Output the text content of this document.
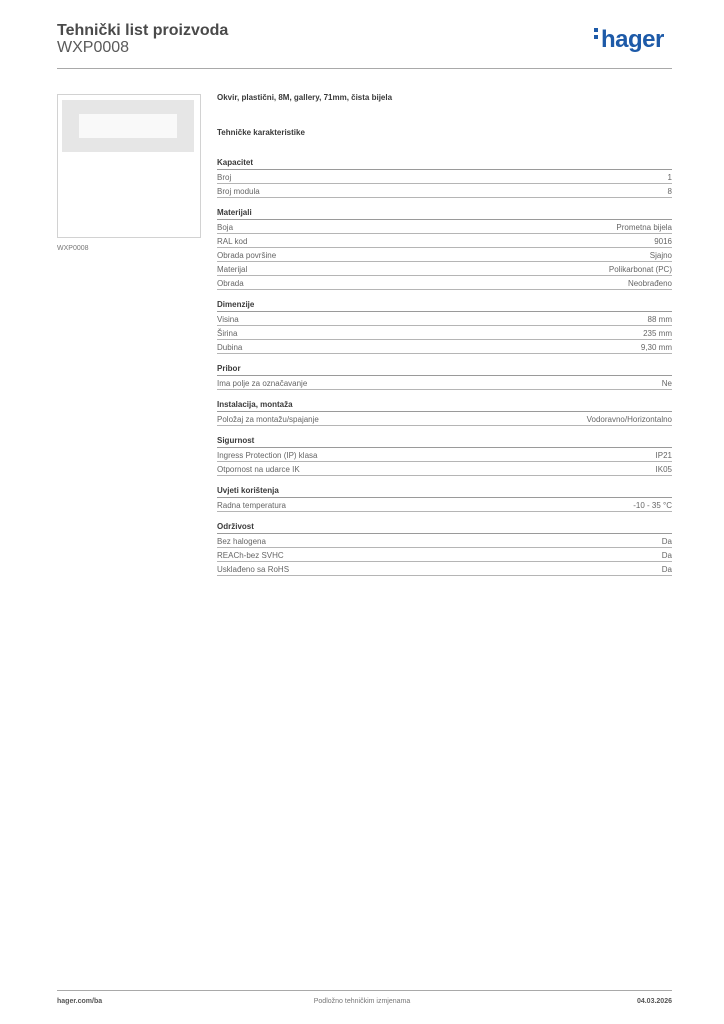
Tehnički list proizvoda
WXP0008	hager
WXP0008
Okvir, plastični, 8M, gallery, 71mm, čista bijela
Tehničke karakteristike
Kapacitet
Broj	1
Broj modula	8
Materijali
Boja	Prometna bijela
RAL kod	9016
Obrada površine	Sjajno
Materijal	Polikarbonat (PC)
Obrada	Neobrađeno
Dimenzije
Visina	88 mm
Širina	235 mm
Dubina	9,30 mm
Pribor
Ima polje za označavanje	Ne
Instalacija, montaža
Položaj za montažu/spajanje	Vodoravno/Horizontalno
Sigurnost
Ingress Protection (IP) klasa	IP21
Otpornost na udarce IK	IK05
Uvjeti korištenja
Radna temperatura	-10 - 35 °C
Održivost
Bez halogena	Da
REACh-bez SVHC	Da
Usklađeno sa RoHS	Da
hager.com/ba	Podložno tehničkim izmjenama	04.03.2026
